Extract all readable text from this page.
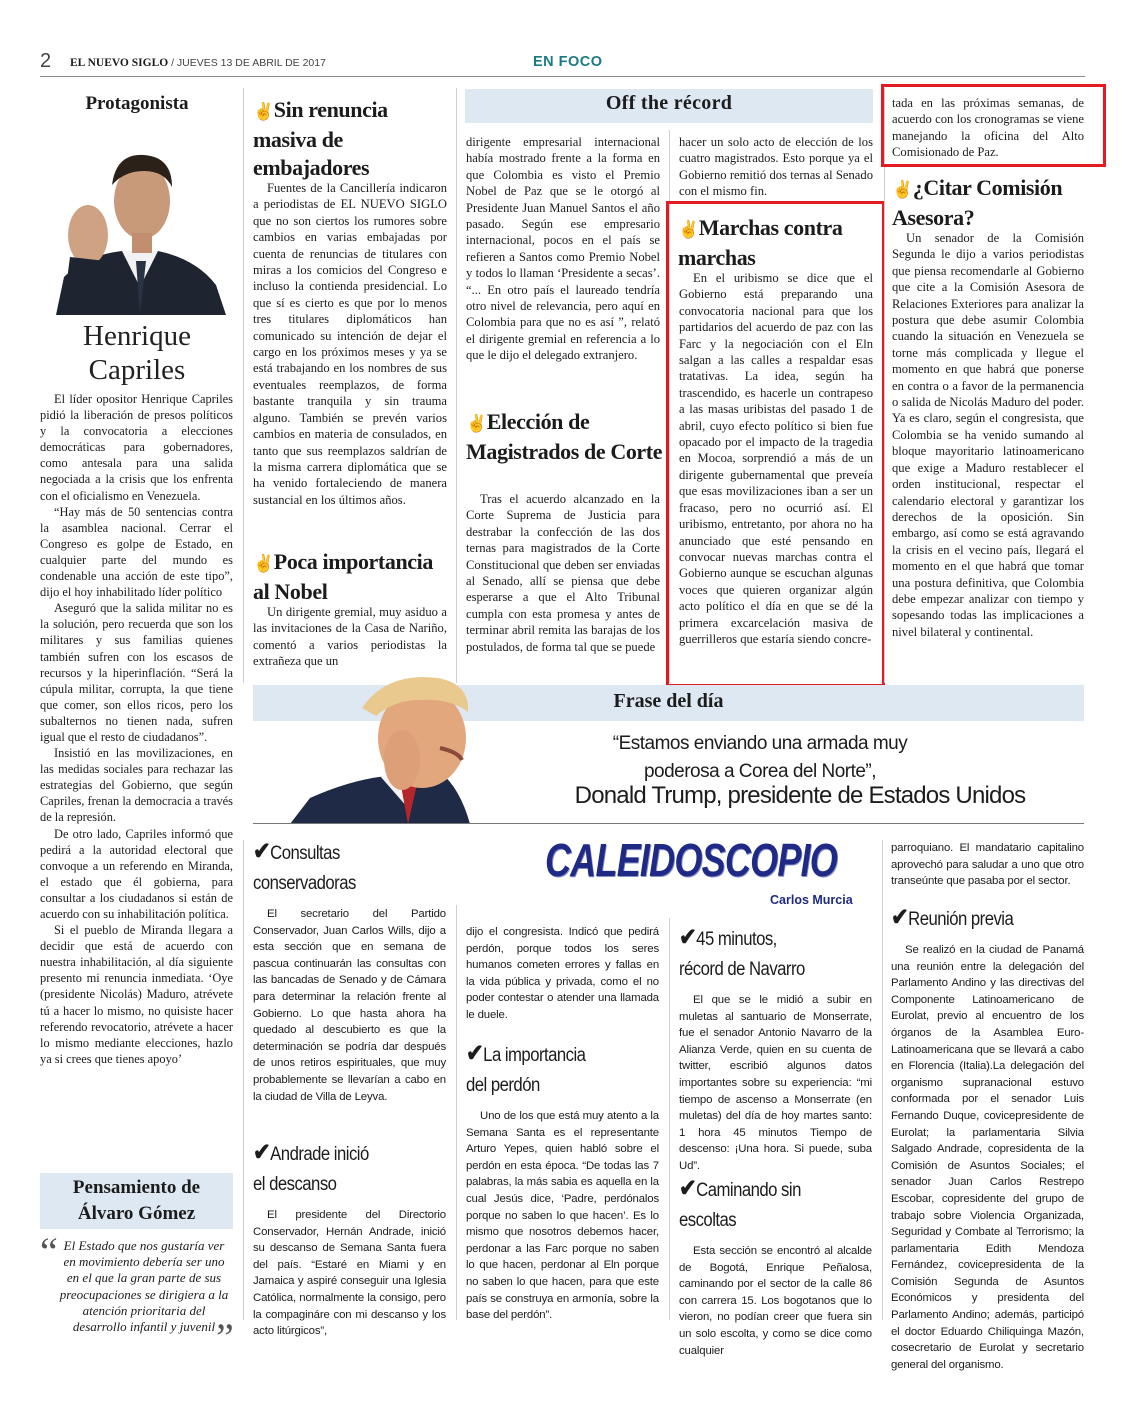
2 EL NUEVO SIGLO / JUEVES 13 DE ABRIL DE 2017	EN FOCO
Protagonista
Henrique
Capriles

El líder opositor Henrique Capriles pidió la liberación de presos políticos y la convocatoria a elecciones democráticas para gobernadores, como antesala para una salida negociada a la crisis que los enfrenta con el oficialismo en Venezuela.

“Hay más de 50 sentencias contra la asamblea nacional. Cerrar el Congreso es golpe de Estado, en cualquier parte del mundo es condenable una acción de este tipo”, dijo el hoy inhabilitado líder político

Aseguró que la salida militar no es la solución, pero recuerda que son los militares y sus familias quienes también sufren con los escasos de recursos y la hiperinflación. “Será la cúpula militar, corrupta, la que tiene que comer, son ellos ricos, pero los subalternos no tienen nada, sufren igual que el resto de ciudadanos”.

Insistió en las movilizaciones, en las medidas sociales para rechazar las estrategias del Gobierno, que según Capriles, frenan la democracia a través de la represión.

De otro lado, Capriles informó que pedirá a la autoridad electoral que convoque a un referendo en Miranda, el estado que él gobierna, para consultar a los ciudadanos si están de acuerdo con su inhabilitación política.

Si el pueblo de Miranda llegara a decidir que está de acuerdo con nuestra inhabilitación, al día siguiente presento mi renuncia inmediata. ‘Oye (presidente Nicolás) Maduro, atrévete tú a hacer lo mismo, no quisiste hacer referendo revocatorio, atrévete a hacer lo mismo mediante elecciones, hazlo ya si crees que tienes apoyo’

Pensamiento de
Álvaro Gómez
“ El Estado que nos gustaría ver en movimiento debería ser uno en el que la gran parte de sus preocupaciones se dirigiera a la atención prioritaria del desarrollo infantil y juvenil ”
Off the récord
✌Sin renuncia masiva de embajadores

Fuentes de la Cancillería indicaron a periodistas de EL NUEVO SIGLO que no son ciertos los rumores sobre cambios en varias embajadas por cuenta de renuncias de titulares con miras a los comicios del Congreso e incluso la contienda presidencial. Lo que sí es cierto es que por lo menos tres titulares diplomáticos han comunicado su intención de dejar el cargo en los próximos meses y ya se está trabajando en los nombres de sus eventuales reemplazos, de forma bastante tranquila y sin trauma alguno. También se prevén varios cambios en materia de consulados, en tanto que sus reemplazos saldrían de la misma carrera diplomática que se ha venido fortaleciendo de manera sustancial en los últimos años.

✌Poca importancia al Nobel

Un dirigente gremial, muy asiduo a las invitaciones de la Casa de Nariño, comentó a varios periodistas la extrañeza que un

dirigente empresarial internacional había mostrado frente a la forma en que Colombia es visto el Premio Nobel de Paz que se le otorgó al Presidente Juan Manuel Santos el año pasado. Según ese empresario internacional, pocos en el país se refieren a Santos como Premio Nobel y todos lo llaman ‘Presidente a secas’. “... En otro país el laureado tendría otro nivel de relevancia, pero aquí en Colombia para que no es así ”, relató el dirigente gremial en referencia a lo que le dijo el delegado extranjero.

✌Elección de Magistrados de Corte

Tras el acuerdo alcanzado en la Corte Suprema de Justicia para destrabar la confección de las dos ternas para magistrados de la Corte Constitucional que deben ser enviadas al Senado, allí se piensa que debe esperarse a que el Alto Tribunal cumpla con esta promesa y antes de terminar abril remita las barajas de los postulados, de forma tal que se puede

hacer un solo acto de elección de los cuatro magistrados. Esto porque ya el Gobierno remitió dos ternas al Senado con el mismo fin.

✌Marchas contra marchas

En el uribismo se dice que el Gobierno está preparando una convocatoria nacional para que los partidarios del acuerdo de paz con las Farc y la negociación con el Eln salgan a las calles a respaldar esas tratativas. La idea, según ha trascendido, es hacerle un contrapeso a las masas uribistas del pasado 1 de abril, cuyo efecto político si bien fue opacado por el impacto de la tragedia en Mocoa, sorprendió a más de un dirigente gubernamental que preveía que esas movilizaciones iban a ser un fracaso, pero no ocurrió así. El uribismo, entretanto, por ahora no ha anunciado que esté pensando en convocar nuevas marchas contra el Gobierno aunque se escuchan algunas voces que quieren organizar algún acto político el día en que se dé la primera excarcelación masiva de guerrilleros que estaría siendo concre-

tada en las próximas semanas, de acuerdo con los cronogramas se viene manejando la oficina del Alto Comisionado de Paz.

✌¿Citar Comisión Asesora?

Un senador de la Comisión Segunda le dijo a varios periodistas que piensa recomendarle al Gobierno que cite a la Comisión Asesora de Relaciones Exteriores para analizar la postura que debe asumir Colombia cuando la situación en Venezuela se torne más complicada y llegue el momento en que habrá que ponerse en contra o a favor de la permanencia o salida de Nicolás Maduro del poder. Ya es claro, según el congresista, que Colombia se ha venido sumando al bloque mayoritario latinoamericano que exige a Maduro restablecer el orden institucional, respectar el calendario electoral y garantizar los derechos de la oposición. Sin embargo, así como se está agravando la crisis en el vecino país, llegará el momento en el que habrá que tomar una postura definitiva, que Colombia debe empezar analizar con tiempo y sopesando todas las implicaciones a nivel bilateral y continental.

Frase del día
“Estamos enviando una armada muy
poderosa a Corea del Norte”,
Donald Trump, presidente de Estados Unidos
CALEIDOSCOPIO
Carlos Murcia
✔Consultas
conservadoras

El secretario del Partido Conservador, Juan Carlos Wills, dijo a esta sección que en semana de pascua continuarán las consultas con las bancadas de Senado y de Cámara para determinar la relación frente al Gobierno. Lo que hasta ahora ha quedado al descubierto es que la determinación se podría dar después de unos retiros espirituales, que muy probablemente se llevarían a cabo en la ciudad de Villa de Leyva.

✔Andrade inició
el descanso

El presidente del Directorio Conservador, Hernán Andrade, inició su descanso de Semana Santa fuera del país. “Estaré en Miami y en Jamaica y aspiré conseguir una Iglesia Católica, normalmente la consigo, pero la compagináre con mi descanso y los acto litúrgicos”,

dijo el congresista. Indicó que pedirá perdón, porque todos los seres humanos cometen errores y fallas en la vida pública y privada, como el no poder contestar o atender una llamada le duele.

✔La importancia
del perdón

Uno de los que está muy atento a la Semana Santa es el representante Arturo Yepes, quien habló sobre el perdón en esta época. “De todas las 7 palabras, la más sabia es aquella en la cual Jesús dice, ‘Padre, perdónalos porque no saben lo que hacen’. Es lo mismo que nosotros debemos hacer, perdonar a las Farc porque no saben lo que hacen, perdonar al Eln porque no saben lo que hacen, para que este país se construya en armonía, sobre la base del perdón”.

✔45 minutos,
récord de Navarro

El que se le midió a subir en muletas al santuario de Monserrate, fue el senador Antonio Navarro de la Alianza Verde, quien en su cuenta de twitter, escribió algunos datos importantes sobre su experiencia: “mi tiempo de ascenso a Monserrate (en muletas) del día de hoy martes santo: 1 hora 45 minutos Tiempo de descenso: ¡Una hora. Si puede, suba Ud”.

✔Caminando sin
escoltas

Esta sección se encontró al alcalde de Bogotá, Enrique Peñalosa, caminando por el sector de la calle 86 con carrera 15. Los bogotanos que lo vieron, no podían creer que fuera sin un solo escolta, y como se dice como cualquier

parroquiano. El mandatario capitalino aprovechó para saludar a uno que otro transeúnte que pasaba por el sector.

✔Reunión previa

Se realizó en la ciudad de Panamá una reunión entre la delegación del Parlamento Andino y las directivas del Componente Latinoamericano de Eurolat, previo al encuentro de los órganos de la Asamblea Euro-Latinoamericana que se llevará a cabo en Florencia (Italia).La delegación del organismo supranacional estuvo conformada por el senador Luis Fernando Duque, covicepresidente de Eurolat; la parlamentaria Silvia Salgado Andrade, copresidenta de la Comisión de Asuntos Sociales; el senador Juan Carlos Restrepo Escobar, copresidente del grupo de trabajo sobre Violencia Organizada, Seguridad y Combate al Terrorismo; la parlamentaria Edith Mendoza Fernández, covicepresidenta de la Comisión Segunda de Asuntos Económicos y presidenta del Parlamento Andino; además, participó el doctor Eduardo Chiliquinga Mazón, cosecretario de Eurolat y secretario general del organismo.
